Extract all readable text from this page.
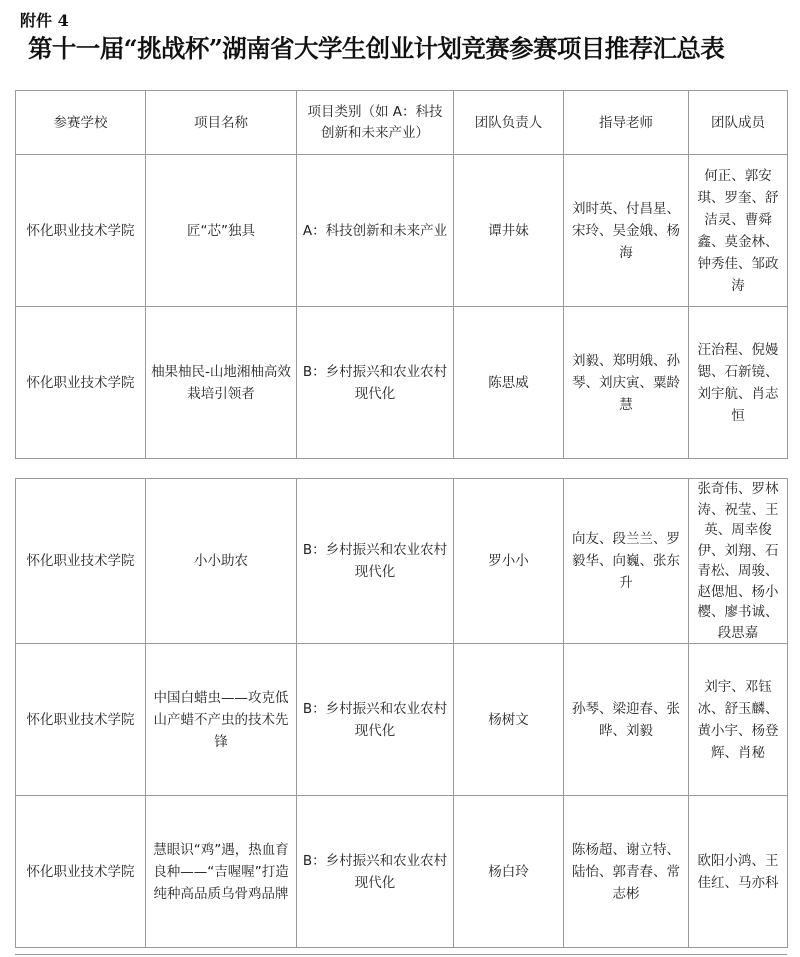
附件 4
第十一届“挑战杯”湖南省大学生创业计划竞赛参赛项目推荐汇总表
参赛学校	项目名称	项目类别（如 A：科技创新和未来产业）	团队负责人	指导老师	团队成员
怀化职业技术学院	匠“芯”独具	A：科技创新和未来产业	谭井妹	刘时英、付昌星、宋玲、吴金娥、杨海	何正、郭安琪、罗奎、舒洁灵、曹舜鑫、莫金林、钟秀佳、邹政涛
怀化职业技术学院	柚果柚民-山地湘柚高效栽培引领者	B：乡村振兴和农业农村现代化	陈思威	刘毅、郑明娥、孙琴、刘庆寅、粟龄慧	汪治程、倪嫚锶、石新镜、刘宇航、肖志恒
怀化职业技术学院	小小助农	B：乡村振兴和农业农村现代化	罗小小	向友、段兰兰、罗毅华、向巍、张东升	张奇伟、罗林涛、祝莹、王英、周幸俊伊、刘翔、石青松、周骏、赵偲旭、杨小樱、廖书诚、段思嘉
怀化职业技术学院	中国白蜡虫——攻克低山产蜡不产虫的技术先锋	B：乡村振兴和农业农村现代化	杨树文	孙琴、梁迎春、张晔、刘毅	刘宇、邓钰冰、舒玉麟、黄小宇、杨登辉、肖秘
怀化职业技术学院	慧眼识“鸡”遇，热血育良种——“吉喔喔”打造纯种高品质乌骨鸡品牌	B：乡村振兴和农业农村现代化	杨白玲	陈杨超、谢立特、陆怡、郭青春、常志彬	欧阳小鸿、王佳红、马亦科
